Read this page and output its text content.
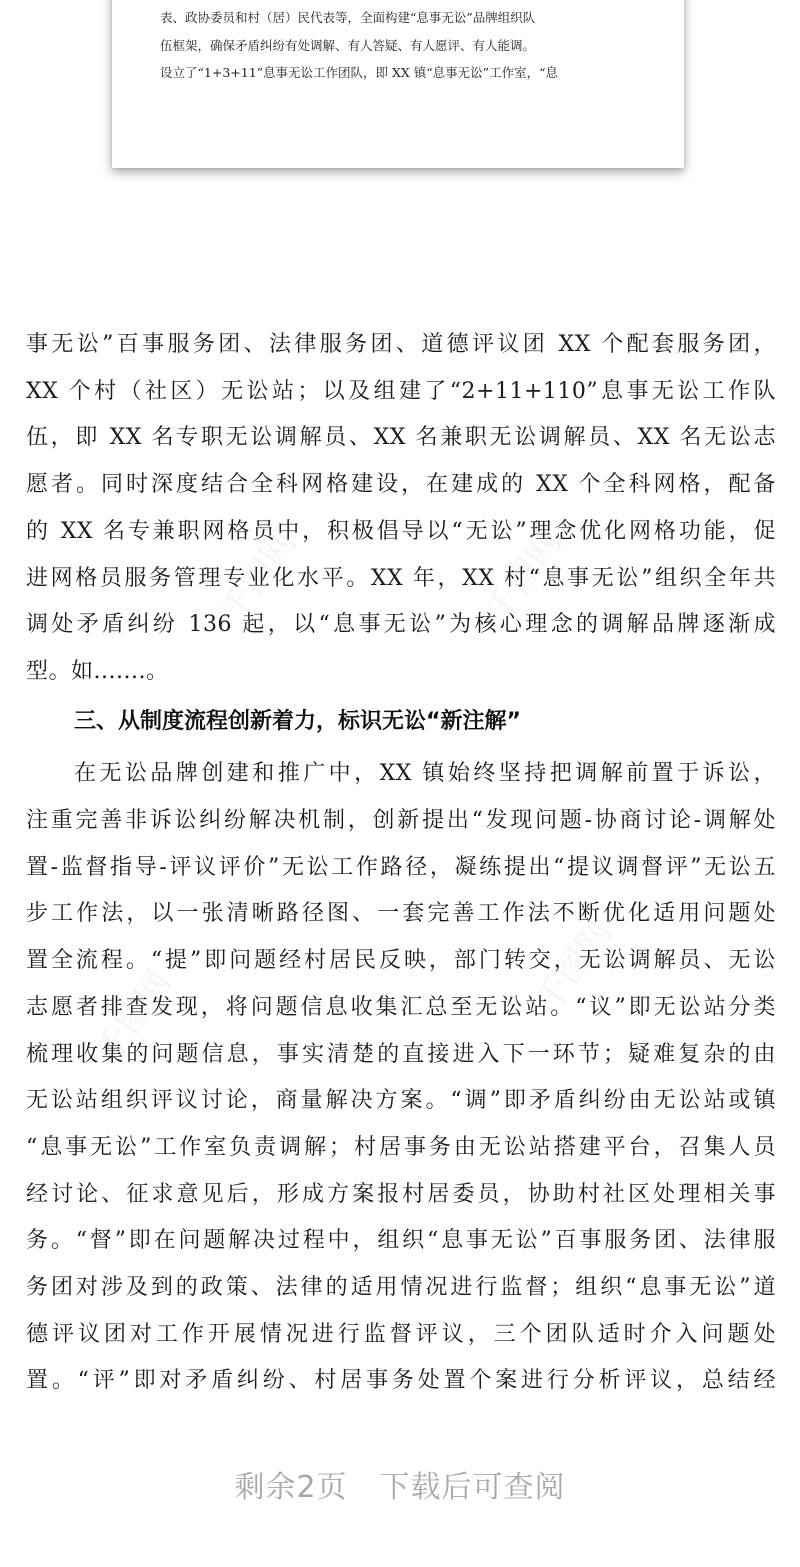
千图网	千图网
千图网	千图网
表、政协委员和村（居）民代表等，全面构建“息事无讼”品牌组织队
伍框架，确保矛盾纠纷有处调解、有人答疑、有人愿评、有人能调。
设立了“1+3+11”息事无讼工作团队，即 XX 镇“息事无讼”工作室，“息
事无讼”百事服务团、法律服务团、道德评议团 XX 个配套服务团，
XX 个村（社区）无讼站；以及组建了“2+11+110”息事无讼工作队
伍，即 XX 名专职无讼调解员、XX 名兼职无讼调解员、XX 名无讼志
愿者。同时深度结合全科网格建设，在建成的 XX 个全科网格，配备
的 XX 名专兼职网格员中，积极倡导以“无讼”理念优化网格功能，促
进网格员服务管理专业化水平。XX 年，XX 村“息事无讼”组织全年共
调处矛盾纠纷 136 起，以“息事无讼”为核心理念的调解品牌逐渐成
型。如.......。
三、从制度流程创新着力，标识无讼“新注解”
在无讼品牌创建和推广中，XX 镇始终坚持把调解前置于诉讼，
注重完善非诉讼纠纷解决机制，创新提出“发现问题-协商讨论-调解处
置-监督指导-评议评价”无讼工作路径，凝练提出“提议调督评”无讼五
步工作法，以一张清晰路径图、一套完善工作法不断优化适用问题处
置全流程。“提”即问题经村居民反映，部门转交，无讼调解员、无讼
志愿者排查发现，将问题信息收集汇总至无讼站。“议”即无讼站分类
梳理收集的问题信息，事实清楚的直接进入下一环节；疑难复杂的由
无讼站组织评议讨论，商量解决方案。“调”即矛盾纠纷由无讼站或镇
“息事无讼”工作室负责调解；村居事务由无讼站搭建平台，召集人员
经讨论、征求意见后，形成方案报村居委员，协助村社区处理相关事
务。“督”即在问题解决过程中，组织“息事无讼”百事服务团、法律服
务团对涉及到的政策、法律的适用情况进行监督；组织“息事无讼”道
德评议团对工作开展情况进行监督评议，三个团队适时介入问题处
置。“评”即对矛盾纠纷、村居事务处置个案进行分析评议，总结经
剩余2页 下载后可查阅
